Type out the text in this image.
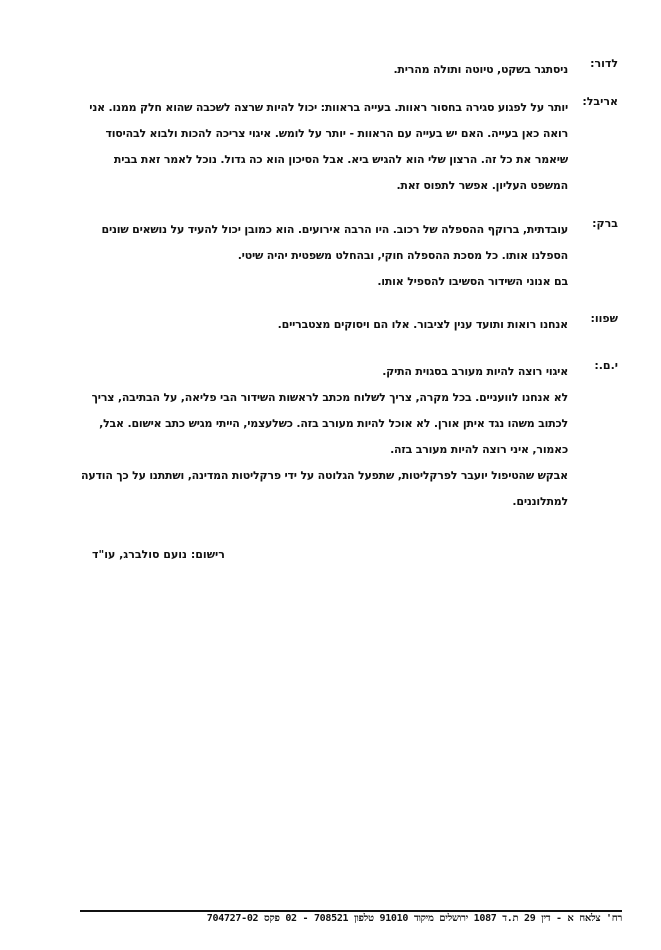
לדור:
ניסתגר בשקט, טיוטה ותולה מהרית.
אריבל:
יותר על לפגוע סגירה בחסור ראוות. בעייה בראוות: יכול להיות שרצה לשכבה שהוא חלק ממנו. אני
רואה כאן בעייה. האם יש בעייה עם הראוות - יותר על לומש. איגוי צריכה להכות ולבוא לבהיסוד
שיאמר את כל זה. הרצון שלי הוא להגיש ביא. אבל הסיכון הוא כה גדול. נוכל לאמר זאת בבית
המשפט העליון. אפשר לתפוס זאת.
ברק:
עובדתית, ברוקף ההספלה של רכוב. היו הרבה אירועים. הוא כמובן יכול להעיד על נושאים שונים
הספלנו אותו. כל מסכת ההספלה חוקי, ובהחלט משפטית יהיה שיטי.
בם אנוני השידור הסשיבו להספיל אותו.
שפוו:
אנחנו רואות ותועד ענין לציבור. אלו הם ויסוקים מצטבריים.
י.ם.:
איגוי רוצה להיות מעורב בסגוית התיק.
לא אנחנו לוועניים. בכל מקרה, צריך לשלוח מכתב לראשות השידור הבי פליאה, על הבתיבה, צריך
לכתוב משהו נגד איתן אורן. לא אוכל להיות מעורב בזה. כשלעצמי, הייתי מגיש כתב אישום. אבל,
כאמור, איני רוצה להיות מעורב בזה.
אבקש שהטיפול יועבר לפרקליטות, שתפעל הגלוטה על ידי פרקליטות המדינה, ושתתנו על כך הודעה
למתלוננים.
רישום: נועם סולברג, עו"ד
רח' צלאח א - דין 29 ת.ד 1087 ירושלים מיקוד 91010 טלפון 708521 - 02 פקס 704727-02
